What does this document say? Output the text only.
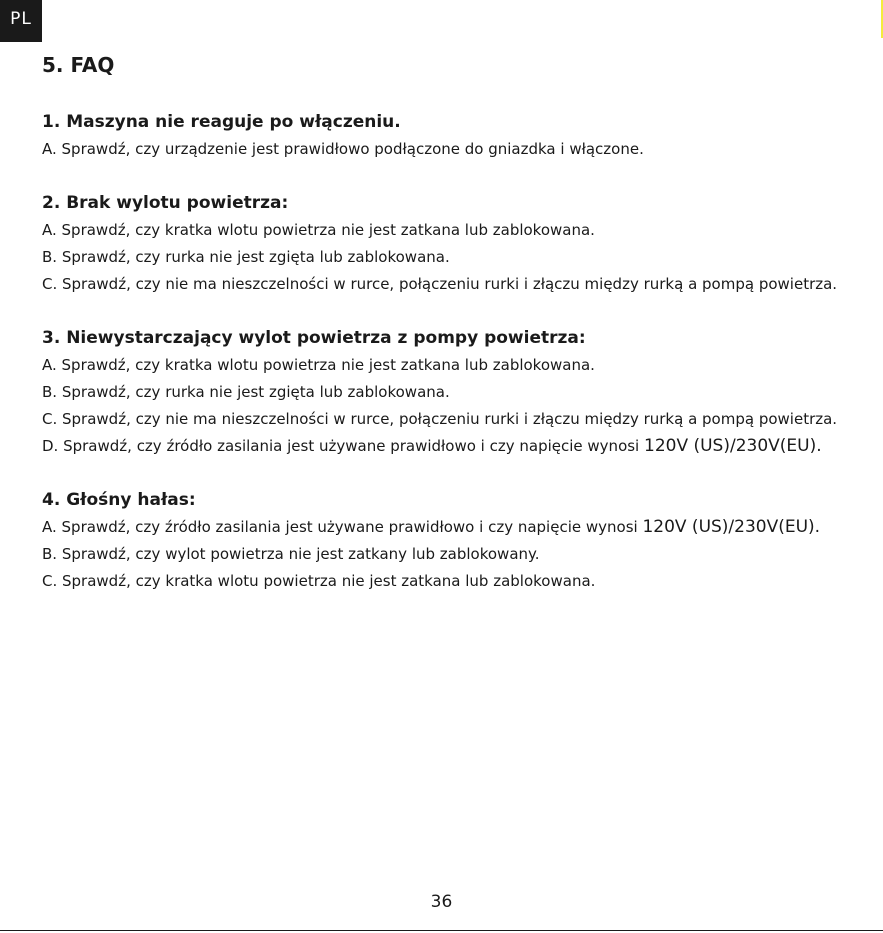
PL
5. FAQ
1. Maszyna nie reaguje po włączeniu.

A. Sprawdź, czy urządzenie jest prawidłowo podłączone do gniazdka i włączone.

2. Brak wylotu powietrza:

A. Sprawdź, czy kratka wlotu powietrza nie jest zatkana lub zablokowana.

B. Sprawdź, czy rurka nie jest zgięta lub zablokowana.

C. Sprawdź, czy nie ma nieszczelności w rurce, połączeniu rurki i złączu między rurką a pompą powietrza.

3. Niewystarczający wylot powietrza z pompy powietrza:

A. Sprawdź, czy kratka wlotu powietrza nie jest zatkana lub zablokowana.

B. Sprawdź, czy rurka nie jest zgięta lub zablokowana.

C. Sprawdź, czy nie ma nieszczelności w rurce, połączeniu rurki i złączu między rurką a pompą powietrza.

D. Sprawdź, czy źródło zasilania jest używane prawidłowo i czy napięcie wynosi 120V (US)/230V(EU).

4. Głośny hałas:

A. Sprawdź, czy źródło zasilania jest używane prawidłowo i czy napięcie wynosi 120V (US)/230V(EU).

B. Sprawdź, czy wylot powietrza nie jest zatkany lub zablokowany.

C. Sprawdź, czy kratka wlotu powietrza nie jest zatkana lub zablokowana.

36
